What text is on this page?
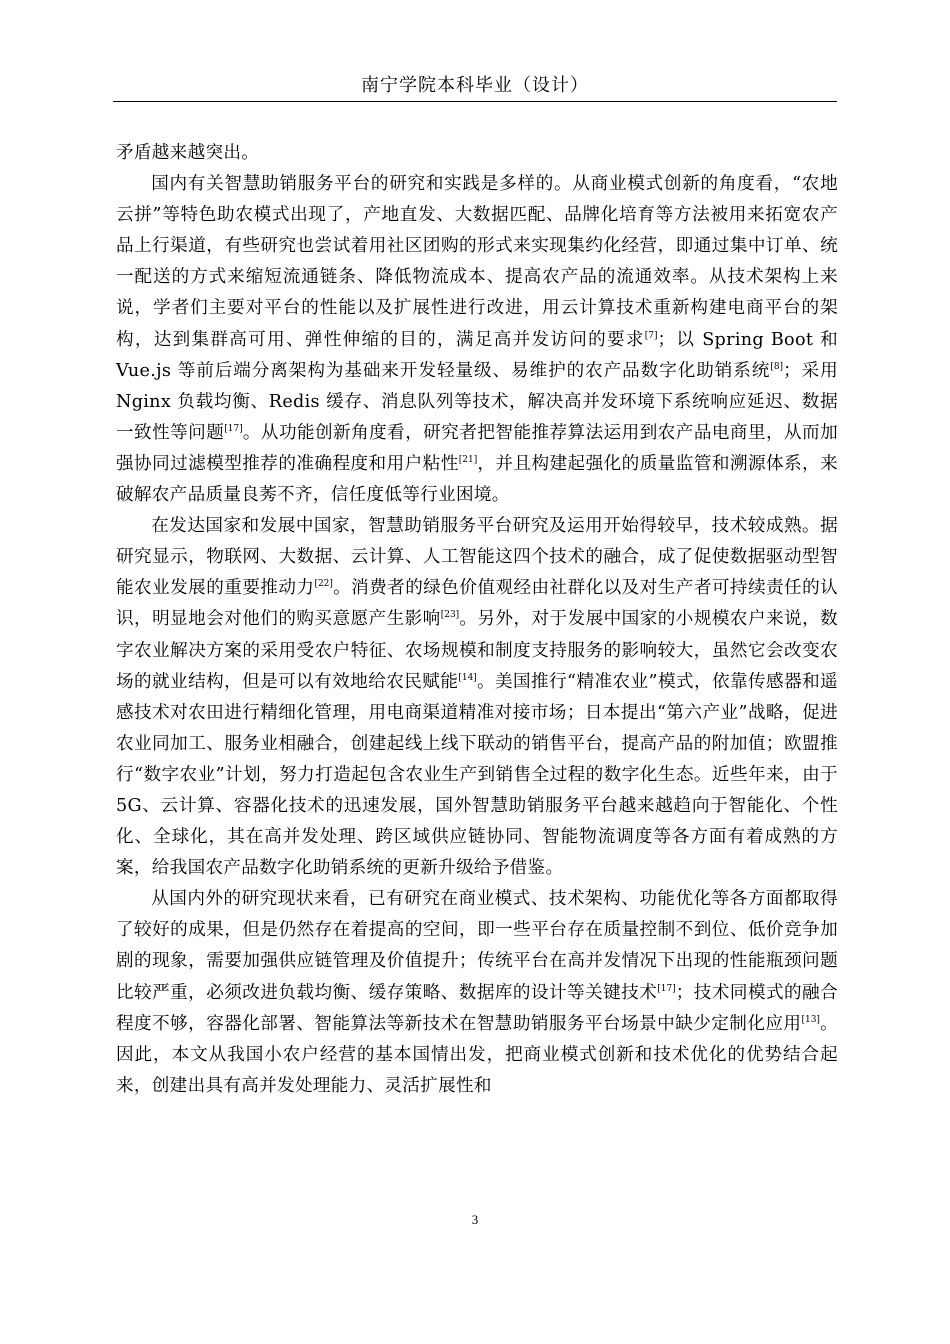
南宁学院本科毕业（设计）

矛盾越来越突出。

国内有关智慧助销服务平台的研究和实践是多样的。从商业模式创新的角度看，“农地云拼”等特色助农模式出现了，产地直发、大数据匹配、品牌化培育等方法被用来拓宽农产品上行渠道，有些研究也尝试着用社区团购的形式来实现集约化经营，即通过集中订单、统一配送的方式来缩短流通链条、降低物流成本、提高农产品的流通效率。从技术架构上来说，学者们主要对平台的性能以及扩展性进行改进，用云计算技术重新构建电商平台的架构，达到集群高可用、弹性伸缩的目的，满足高并发访问的要求[7]；以 Spring Boot 和 Vue.js 等前后端分离架构为基础来开发轻量级、易维护的农产品数字化助销系统[8]；采用 Nginx 负载均衡、Redis 缓存、消息队列等技术，解决高并发环境下系统响应延迟、数据一致性等问题[17]。从功能创新角度看，研究者把智能推荐算法运用到农产品电商里，从而加强协同过滤模型推荐的准确程度和用户粘性[21]，并且构建起强化的质量监管和溯源体系，来破解农产品质量良莠不齐，信任度低等行业困境。

在发达国家和发展中国家，智慧助销服务平台研究及运用开始得较早，技术较成熟。据研究显示，物联网、大数据、云计算、人工智能这四个技术的融合，成了促使数据驱动型智能农业发展的重要推动力[22]。消费者的绿色价值观经由社群化以及对生产者可持续责任的认识，明显地会对他们的购买意愿产生影响[23]。另外，对于发展中国家的小规模农户来说，数字农业解决方案的采用受农户特征、农场规模和制度支持服务的影响较大，虽然它会改变农场的就业结构，但是可以有效地给农民赋能[14]。美国推行“精准农业”模式，依靠传感器和遥感技术对农田进行精细化管理，用电商渠道精准对接市场；日本提出“第六产业”战略，促进农业同加工、服务业相融合，创建起线上线下联动的销售平台，提高产品的附加值；欧盟推行“数字农业”计划，努力打造起包含农业生产到销售全过程的数字化生态。近些年来，由于 5G、云计算、容器化技术的迅速发展，国外智慧助销服务平台越来越趋向于智能化、个性化、全球化，其在高并发处理、跨区域供应链协同、智能物流调度等各方面有着成熟的方案，给我国农产品数字化助销系统的更新升级给予借鉴。

从国内外的研究现状来看，已有研究在商业模式、技术架构、功能优化等各方面都取得了较好的成果，但是仍然存在着提高的空间，即一些平台存在质量控制不到位、低价竞争加剧的现象，需要加强供应链管理及价值提升；传统平台在高并发情况下出现的性能瓶颈问题比较严重，必须改进负载均衡、缓存策略、数据库的设计等关键技术[17]；技术同模式的融合程度不够，容器化部署、智能算法等新技术在智慧助销服务平台场景中缺少定制化应用[13]。因此，本文从我国小农户经营的基本国情出发，把商业模式创新和技术优化的优势结合起来，创建出具有高并发处理能力、灵活扩展性和

3
